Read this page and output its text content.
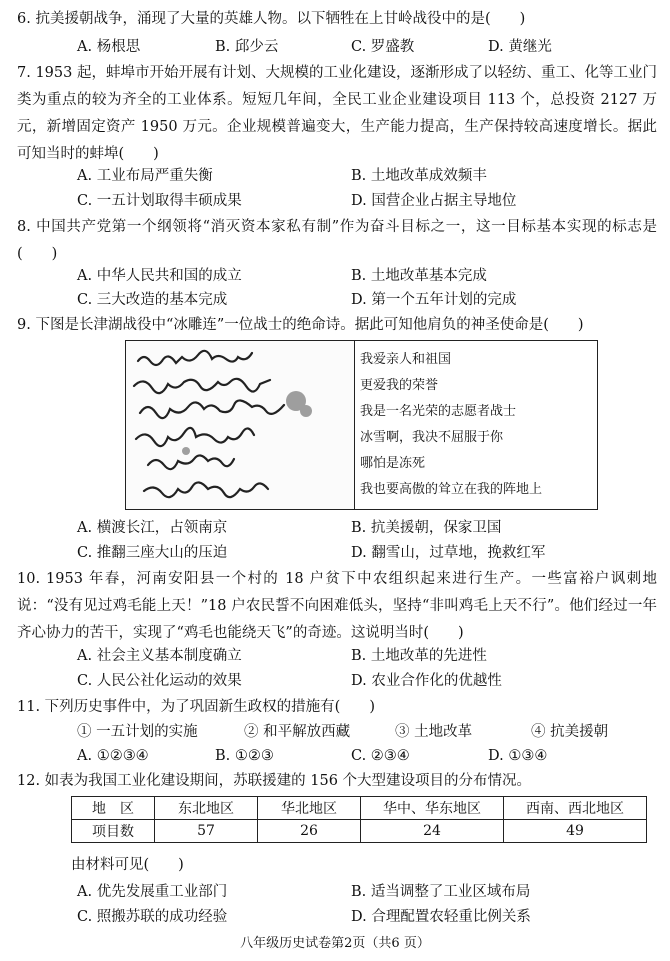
6. 抗美援朝战争，涌现了大量的英雄人物。以下牺牲在上甘岭战役中的是(　　)
A. 杨根思	B. 邱少云	C. 罗盛教	D. 黄继光
7. 1953 起，蚌埠市开始开展有计划、大规模的工业化建设，逐渐形成了以轻纺、重工、化等工业门类为重点的较为齐全的工业体系。短短几年间，全民工业企业建设项目 113 个，总投资 2127 万元，新增固定资产 1950 万元。企业规模普遍变大，生产能力提高，生产保持较高速度增长。据此可知当时的蚌埠(　　)
A. 工业布局严重失衡	B. 土地改革成效频丰
C. 一五计划取得丰硕成果	D. 国营企业占据主导地位
8. 中国共产党第一个纲领将“消灭资本家私有制”作为奋斗目标之一，这一目标基本实现的标志是(　　)
A. 中华人民共和国的成立	B. 土地改革基本完成
C. 三大改造的基本完成	D. 第一个五年计划的完成
9. 下图是长津湖战役中“冰雕连”一位战士的绝命诗。据此可知他肩负的神圣使命是(　　)
我爱亲人和祖国
更爱我的荣誉
我是一名光荣的志愿者战士
冰雪啊，我决不屈服于你
哪怕是冻死
我也要高傲的耸立在我的阵地上
A. 横渡长江，占领南京	B. 抗美援朝，保家卫国
C. 推翻三座大山的压迫	D. 翻雪山，过草地，挽救红军
10. 1953 年春，河南安阳县一个村的 18 户贫下中农组织起来进行生产。一些富裕户讽刺地说：“没有见过鸡毛能上天！”18 户农民誓不向困难低头，坚持“非叫鸡毛上天不行”。他们经过一年齐心协力的苦干，实现了“鸡毛也能绕天飞”的奇迹。这说明当时(　　)
A. 社会主义基本制度确立	B. 土地改革的先进性
C. 人民公社化运动的效果	D. 农业合作化的优越性
11. 下列历史事件中，为了巩固新生政权的措施有(　　)
① 一五计划的实施	② 和平解放西藏	③ 土地改革	④ 抗美援朝
A. ①②③④	B. ①②③	C. ②③④	D. ①③④
12. 如表为我国工业化建设期间，苏联援建的 156 个大型建设项目的分布情况。
地　区	东北地区	华北地区	华中、华东地区	西南、西北地区
项目数	57	26	24	49
由材料可见(　　)
A. 优先发展重工业部门	B. 适当调整了工业区域布局
C. 照搬苏联的成功经验	D. 合理配置农轻重比例关系
八年级历史试卷第2页（共6 页）
